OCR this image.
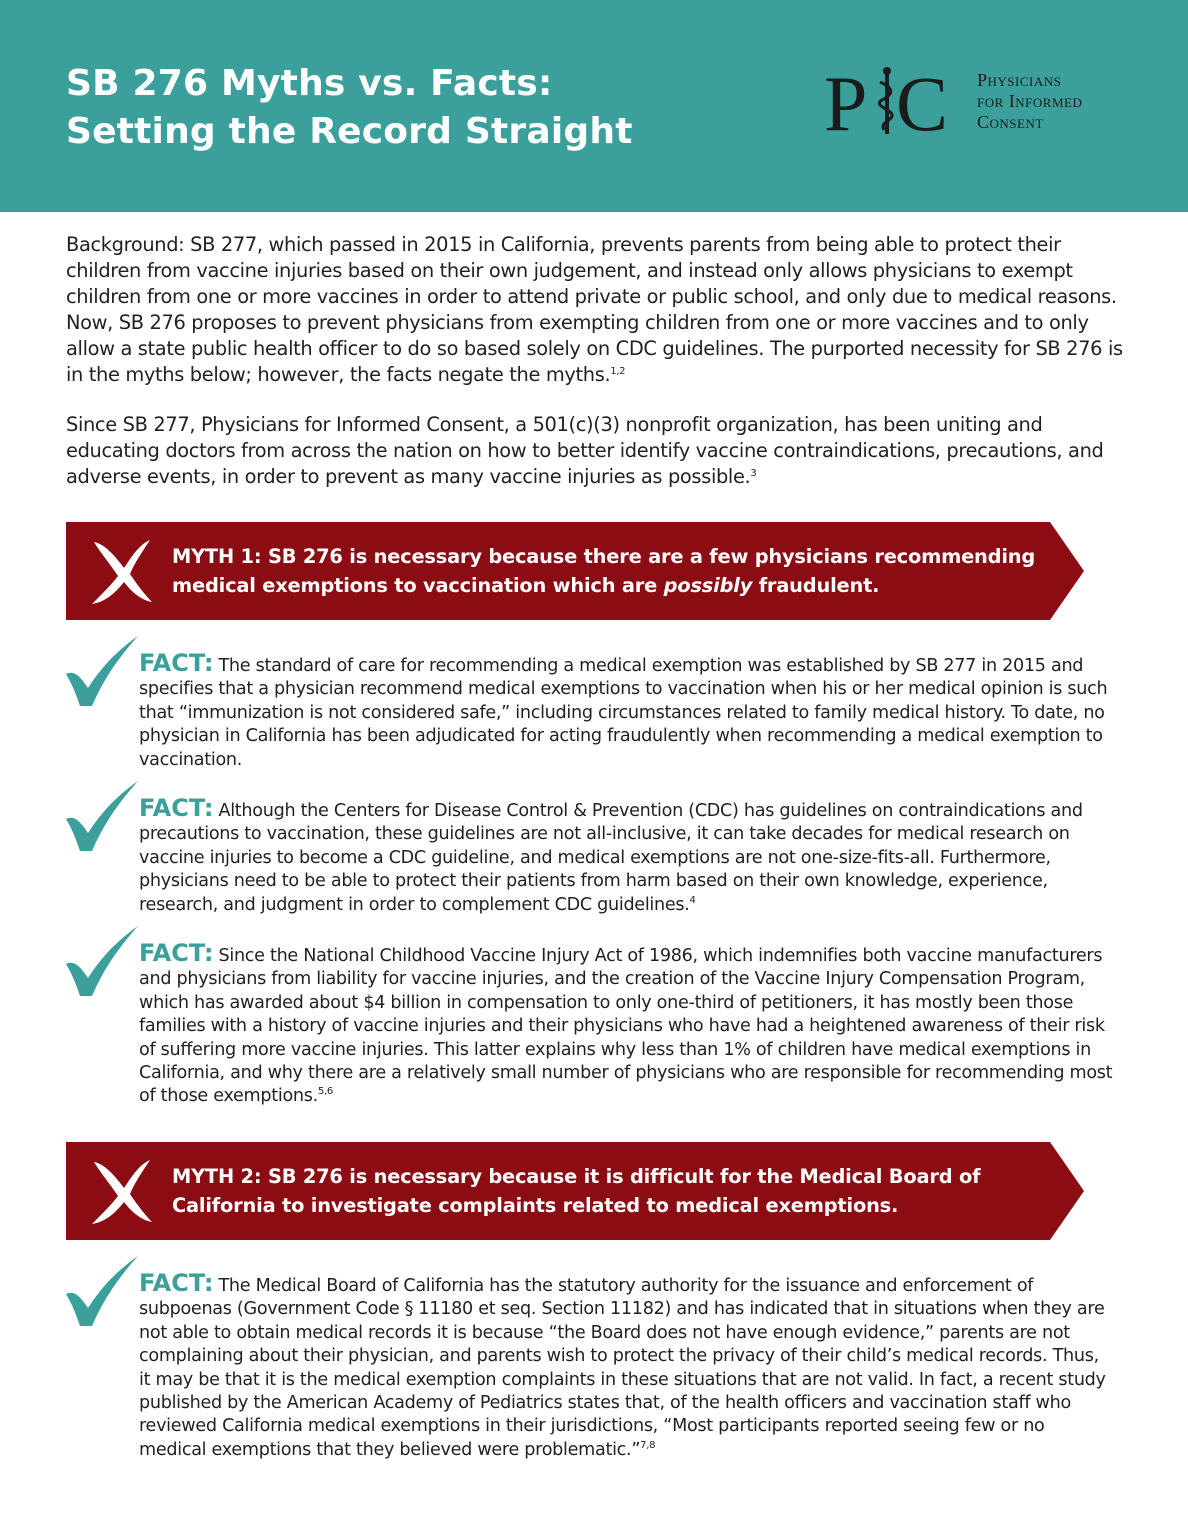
SB 276 Myths vs. Facts:
Setting the Record Straight P C Physicians
for Informed
Consent

Background: SB 277, which passed in 2015 in California, prevents parents from being able to protect their children from vaccine injuries based on their own judgement, and instead only allows physicians to exempt children from one or more vaccines in order to attend private or public school, and only due to medical reasons. Now, SB 276 proposes to prevent physicians from exempting children from one or more vaccines and to only allow a state public health officer to do so based solely on CDC guidelines. The purported necessity for SB 276 is in the myths below; however, the facts negate the myths.$^{1,2}$

Since SB 277, Physicians for Informed Consent, a 501(c)(3) nonprofit organization, has been uniting and educating doctors from across the nation on how to better identify vaccine contraindications, precautions, and adverse events, in order to prevent as many vaccine injuries as possible.$^3$

MYTH 1: SB 276 is necessary because there are a few physicians recommending medical exemptions to vaccination which are possibly fraudulent.

FACT: The standard of care for recommending a medical exemption was established by SB 277 in 2015 and specifies that a physician recommend medical exemptions to vaccination when his or her medical opinion is such that “immunization is not considered safe,” including circumstances related to family medical history. To date, no physician in California has been adjudicated for acting fraudulently when recommending a medical exemption to vaccination.

FACT: Although the Centers for Disease Control & Prevention (CDC) has guidelines on contraindications and precautions to vaccination, these guidelines are not all-inclusive, it can take decades for medical research on vaccine injuries to become a CDC guideline, and medical exemptions are not one-size-fits-all. Furthermore, physicians need to be able to protect their patients from harm based on their own knowledge, experience, research, and judgment in order to complement CDC guidelines.$^4$

FACT: Since the National Childhood Vaccine Injury Act of 1986, which indemnifies both vaccine manufacturers and physicians from liability for vaccine injuries, and the creation of the Vaccine Injury Compensation Program, which has awarded about $4 billion in compensation to only one-third of petitioners, it has mostly been those families with a history of vaccine injuries and their physicians who have had a heightened awareness of their risk of suffering more vaccine injuries. This latter explains why less than 1% of children have medical exemptions in California, and why there are a relatively small number of physicians who are responsible for recommending most of those exemptions.$^{5,6}$

MYTH 2: SB 276 is necessary because it is difficult for the Medical Board of California to investigate complaints related to medical exemptions.

FACT: The Medical Board of California has the statutory authority for the issuance and enforcement of subpoenas (Government Code § 11180 et seq. Section 11182) and has indicated that in situations when they are not able to obtain medical records it is because “the Board does not have enough evidence,” parents are not complaining about their physician, and parents wish to protect the privacy of their child’s medical records. Thus, it may be that it is the medical exemption complaints in these situations that are not valid. In fact, a recent study published by the American Academy of Pediatrics states that, of the health officers and vaccination staff who reviewed California medical exemptions in their jurisdictions, “Most participants reported seeing few or no medical exemptions that they believed were problematic.”$^{7,8}$
